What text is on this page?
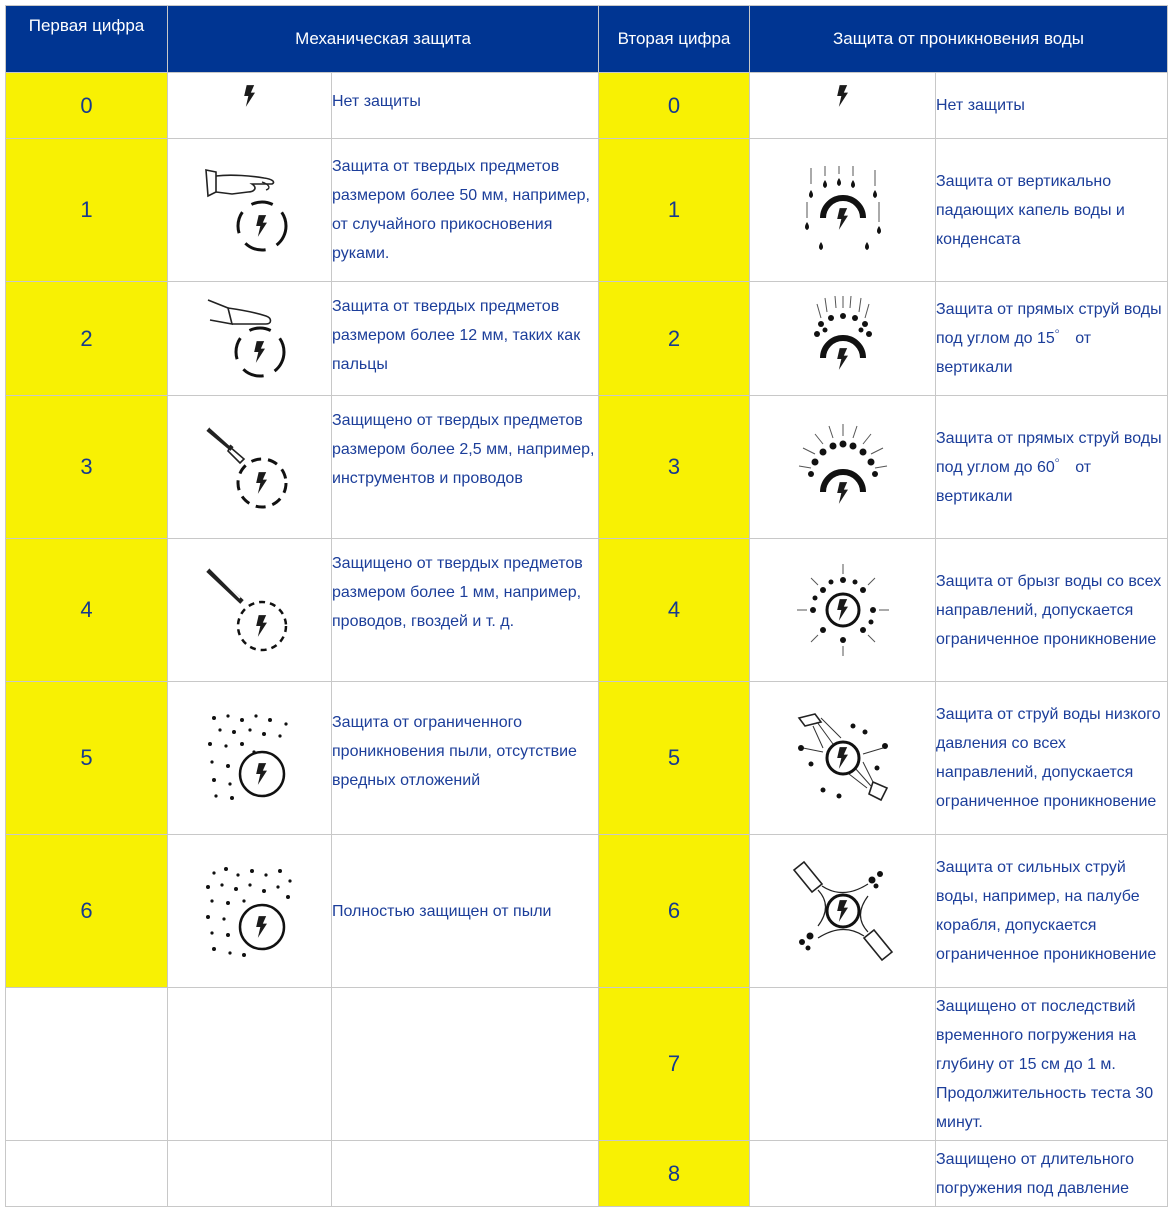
Первая цифра	Механическая защита		Вторая цифра	Защита от проникновения воды	
0		Нет защиты	0		Нет защиты
1		Защита от твердых предметов размером более 50 мм, например, от случайного прикосновения руками.	1		Защита от вертикально падающих капель воды и конденсата
2		Защита от твердых предметов размером более 12 мм, таких как пальцы	2		Защита от прямых струй воды под углом до 15゜ от вертикали
3		Защищено от твердых предметов размером более 2,5 мм, например, инструментов и проводов	3		Защита от прямых струй воды под углом до 60゜ от вертикали
4		Защищено от твердых предметов размером более 1 мм, например, проводов, гвоздей и т. д.	4		Защита от брызг воды со всех направлений, допускается ограниченное проникновение
5		Защита от ограниченного проникновения пыли, отсутствие вредных отложений	5		Защита от струй воды низкого давления со всех направлений, допускается ограниченное проникновение
6		Полностью защищен от пыли	6		Защита от сильных струй воды, например, на палубе корабля, допускается ограниченное проникновение
			7		Защищено от последствий временного погружения на глубину от 15 см до 1 м. Продолжительность теста 30 минут.
			8		Защищено от длительного погружения под давление
